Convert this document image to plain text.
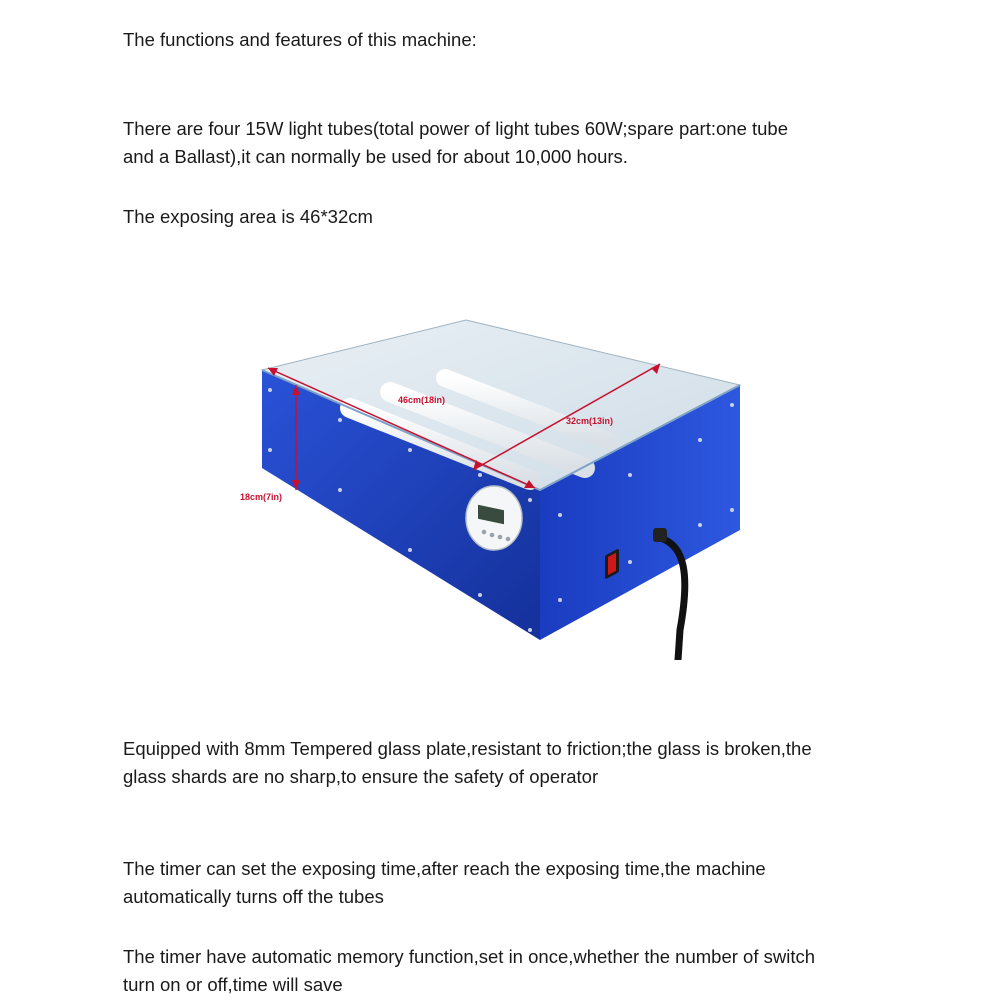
The functions and features of this machine:

There are four 15W light tubes(total power of light tubes 60W;spare part:one tube
and a Ballast),it can normally be used for about 10,000 hours.

The exposing area is 46*32cm

46cm(18in)
32cm(13in)
18cm(7in)

Equipped with 8mm Tempered glass plate,resistant to friction;the glass is broken,the
glass shards are no sharp,to ensure the safety of operator

The timer can set the exposing time,after reach the exposing time,the machine
automatically turns off the tubes

The timer have automatic memory function,set in once,whether the number of switch
turn on or off,time will save
